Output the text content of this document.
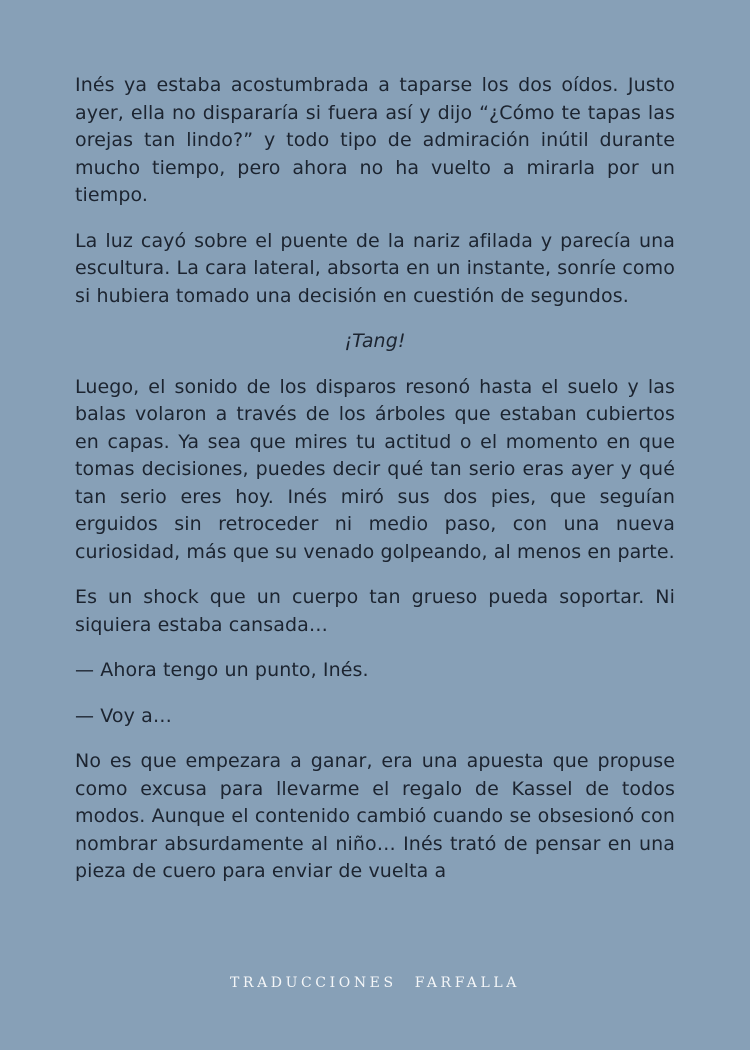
Inés ya estaba acostumbrada a taparse los dos oídos. Justo ayer, ella no dispararía si fuera así y dijo “¿Cómo te tapas las orejas tan lindo?” y todo tipo de admiración inútil durante mucho tiempo, pero ahora no ha vuelto a mirarla por un tiempo.

La luz cayó sobre el puente de la nariz afilada y parecía una escultura. La cara lateral, absorta en un instante, sonríe como si hubiera tomado una decisión en cuestión de segundos.

¡Tang!

Luego, el sonido de los disparos resonó hasta el suelo y las balas volaron a través de los árboles que estaban cubiertos en capas. Ya sea que mires tu actitud o el momento en que tomas decisiones, puedes decir qué tan serio eras ayer y qué tan serio eres hoy. Inés miró sus dos pies, que seguían erguidos sin retroceder ni medio paso, con una nueva curiosidad, más que su venado golpeando, al menos en parte.

Es un shock que un cuerpo tan grueso pueda soportar. Ni siquiera estaba cansada…

— Ahora tengo un punto, Inés.

— Voy a…

No es que empezara a ganar, era una apuesta que propuse como excusa para llevarme el regalo de Kassel de todos modos. Aunque el contenido cambió cuando se obsesionó con nombrar absurdamente al niño… Inés trató de pensar en una pieza de cuero para enviar de vuelta a

TRADUCCIONES FARFALLA
